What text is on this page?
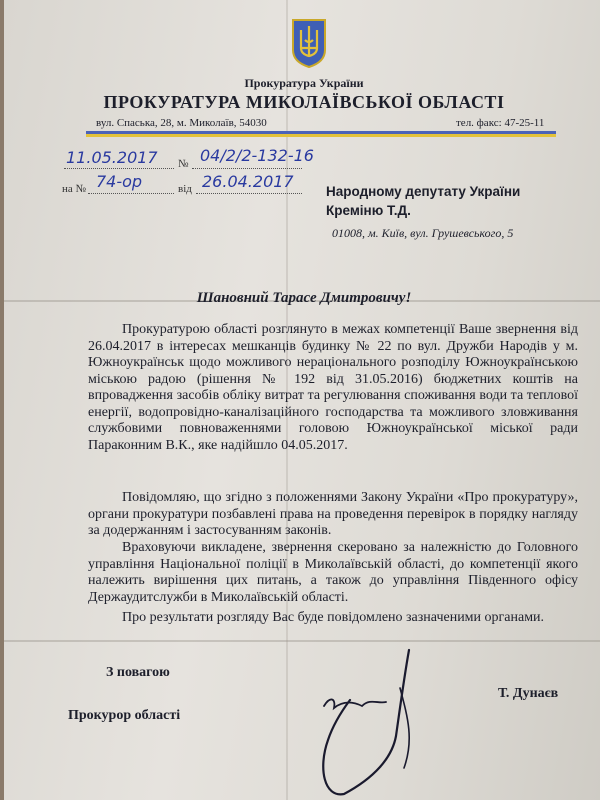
Прокуратура України
ПРОКУРАТУРА МИКОЛАЇВСЬКОЇ ОБЛАСТІ
вул. Спаська, 28, м. Миколаїв, 54030	тел. факс: 47-25-11
11.05.2017 № 04/2/2-132-16
на № 74-ор	від 26.04.2017
Народному депутату України
Кремiню Т.Д.
01008, м. Київ, вул. Грушевського, 5
Шановний Тарасе Дмитровичу!

Прокуратурою області розглянуто в межах компетенції Ваше звернення від 26.04.2017 в інтересах мешканців будинку № 22 по вул. Дружби Народів у м. Южноукраїнськ щодо можливого нераціонального розподілу Южноукраїнською міською радою (рішення № 192 від 31.05.2016) бюджетних коштів на впровадження засобів обліку витрат та регулювання споживання води та теплової енергії, водопровідно-каналізаційного господарства та можливого зловживання службовими повноваженнями головою Южноукраїнської міської ради Параконним В.К., яке надійшло 04.05.2017.

Повідомляю, що згідно з положеннями Закону України «Про прокуратуру», органи прокуратури позбавлені права на проведення перевірок в порядку нагляду за додержанням і застосуванням законів.

Враховуючи викладене, звернення скеровано за належністю до Головного управління Національної поліції в Миколаївській області, до компетенції якого належить вирішення цих питань, а також до управління Південного офісу Держаудитслужби в Миколаївській області.

Про результати розгляду Вас буде повідомлено зазначеними органами.

З повагою
Прокурор області
Т. Дунаєв
